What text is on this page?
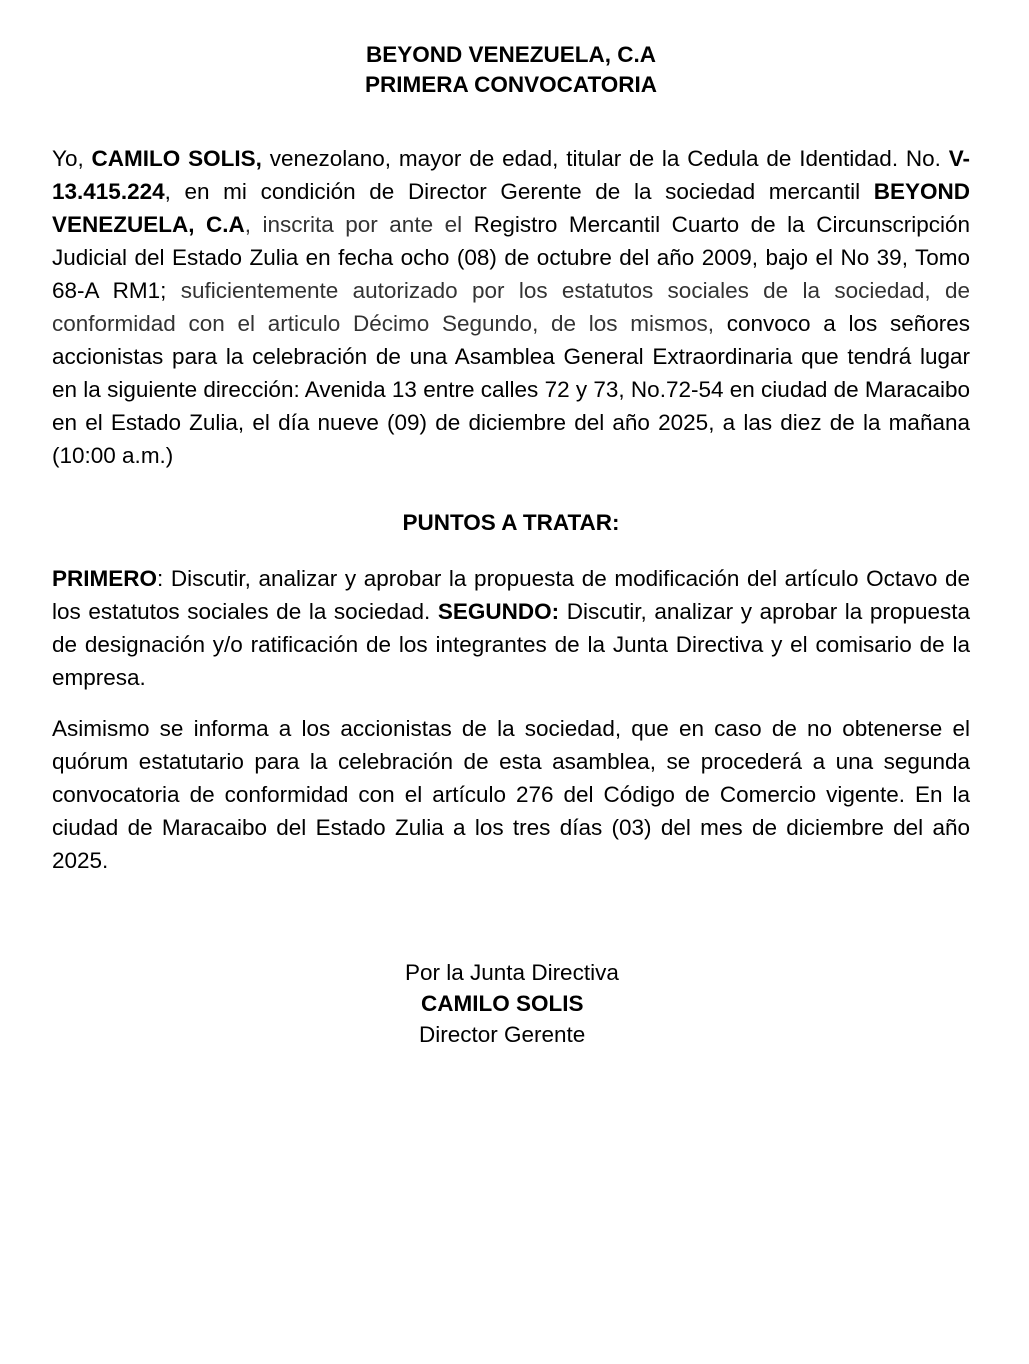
BEYOND VENEZUELA, C.A

PRIMERA CONVOCATORIA

Yo, CAMILO SOLIS, venezolano, mayor de edad, titular de la Cedula de Identidad. No. V-13.415.224, en mi condición de Director Gerente de la sociedad mercantil BEYOND VENEZUELA, C.A, inscrita por ante el Registro Mercantil Cuarto de la Circunscripción Judicial del Estado Zulia en fecha ocho (08) de octubre del año 2009, bajo el No 39, Tomo 68-A RM1; suficientemente autorizado por los estatutos sociales de la sociedad, de conformidad con el articulo Décimo Segundo, de los mismos, convoco a los señores accionistas para la celebración de una Asamblea General Extraordinaria que tendrá lugar en la siguiente dirección: Avenida 13 entre calles 72 y 73, No.72-54 en ciudad de Maracaibo en el Estado Zulia, el día nueve (09) de diciembre del año 2025, a las diez de la mañana (10:00 a.m.)

PUNTOS A TRATAR:

PRIMERO: Discutir, analizar y aprobar la propuesta de modificación del artículo Octavo de los estatutos sociales de la sociedad. SEGUNDO: Discutir, analizar y aprobar la propuesta de designación y/o ratificación de los integrantes de la Junta Directiva y el comisario de la empresa.

Asimismo se informa a los accionistas de la sociedad, que en caso de no obtenerse el quórum estatutario para la celebración de esta asamblea, se procederá a una segunda convocatoria de conformidad con el artículo 276 del Código de Comercio vigente. En la ciudad de Maracaibo del Estado Zulia a los tres días (03) del mes de diciembre del año 2025.

Por la Junta Directiva
CAMILO SOLIS
Director Gerente
